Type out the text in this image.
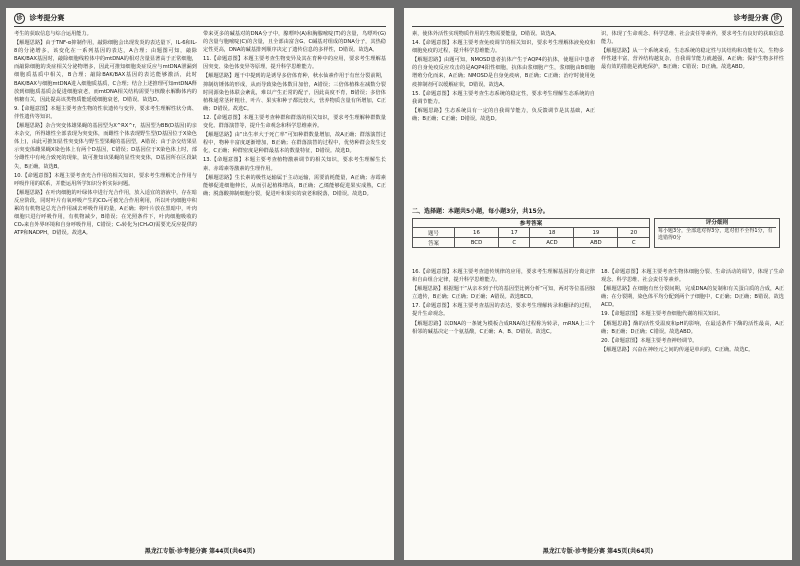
诊 诊考提分赛

考生的获取信息与综合运用能力。

【解题思路】由于TNF-α抑制作用，敲除细胞会出现发炎的表达量下，IL-6和IL-8的分泌增多，该变化在一系列基因的表达，A合理；由题图可知，敲除BAK/BAX基因时，敲除细胞线粒体中的mtDNA的相对含量显著高于正常细胞，而敲除细胞的炎症相关分泌物增多，因此可推知细胞炎症反应与mtDNA泄漏到细胞质基质中相关，B合理；敲除BAK/BAX基因的表达能够激活，此时BAK/BAX与细胞mtDNA进入细胞质基质，C合理；结合上述推理可知mtDNA释放到细胞质基质会促进细胞衰老，而mtDNA相关结构需要与核酸水解酶体内的核糖有关，因此提高该类物质能延缓细胞衰老，D错误。故选D。

9.【命题意图】本题主要考查生物的性状遗传与变异，要求考生理解性状分离、伴性遗传等知识。

【解题思路】杂合突变体雄果蝇的基因型为X^RX^r，基因型为BB(D基因)的亲本杂交，所得雄性全部表现为突变体，而雌性个体表现野生型(D基因位于X染色体上)，由此可推知显性突变体与野生型果蝇的基因型，A错误；由于杂交结果显示突变体雌果蝇X染色体上有两个D基因，C错误；D基因位于X染色体上时，部分雌性中有纯合致死的现象，故可推知该果蝇的显性突变体，D基因所在区段缺失，B正确。故选B。

10.【命题意图】本题主要考查光合作用的相关知识，要求考生理解光合作用与呼吸作用的联系，并能运用所学知识分析实际问题。

【解题思路】在叶肉细胞的叶绿体中进行光合作用，放入适宜的溶液中，存在暗反应阶段，同时叶片有氧呼吸产生的CO₂可被光合作用利用，所以叶肉细胞中积累的有机物是总光合作用减去呼吸作用的量，A正确；将叶片放在黑暗中，叶肉细胞只进行呼吸作用，有机物减少，B错误；在光照条件下，叶肉细胞吸收的CO₂来自外界环境和自身呼吸作用，C错误；C₃转化为(CH₂O)需要光反应提供的ATP和NADPH，D错误。故选A。

带来更多的碱基对的DNA分子中，腺嘌呤(A)和胸腺嘧啶(T)的含量，鸟嘌呤(G)的含量与胞嘧啶(C)的含量，且全部由富含G、C碱基对组成的DNA分子，其热稳定性更高，DNA的碱基排列顺序决定了遗传信息的多样性，D错误。故选A。

11.【命题意图】本题主要考查生物变异及其在育种中的应用，要求考生理解基因突变、染色体变异等原理，提升科学思维能力。

【解题思路】题干中提到的是诱导多倍体育种，秋水仙素作用于有丝分裂前期，抑制纺锤体的形成，从而导致染色体数目加倍，A错误；三倍体植株在减数分裂时同源染色体联会紊乱，难以产生正常的配子，因此高度不育，B错误；多倍体植株通常茎秆粗壮，叶片、果实和种子都比较大，营养物质含量有所增加，C正确；D错误。故选C。

12.【命题意图】本题主要考查种群和群落的相关知识，要求考生理解种群数量变化、群落演替等，提升生命观念和科学思维素养。

【解题思路】由“出生率大于死亡率”可知种群数量增加，故A正确；群落演替过程中，物种丰富度逐渐增加，B正确；在群落演替的过程中，优势种群会发生变化，C正确；种群密度是种群最基本的数量特征，D错误。故选D。

13.【命题意图】本题主要考查植物激素调节的相关知识，要求考生理解生长素、赤霉素等激素的生理作用。

【解题思路】生长素的极性运输属于主动运输，需要消耗能量，A正确；赤霉素能够促进细胞伸长，从而引起植株增高，B正确；乙烯能够促进果实成熟，C正确；脱落酸抑制细胞分裂，促进叶和果实的衰老和脱落，D错误。故选D。

黑龙江专版·诊考提分赛 第44页(共64页)
诊考提分赛 诊

素，使体外活性实现物质作用的生物需要能量，D错误。故选A。

14.【命题意图】本题主要考查免疫调节的相关知识，要求考生理解体液免疫和细胞免疫的过程，提升科学思维能力。

【解题思路】由题可知，NMOSD患者抗体产生于AQP4的抗体，使题目中患者的自身免疫反应攻击的是AQP4阳性细胞，抗体由浆细胞产生，浆细胞由B细胞增殖分化而来，A正确；NMOSD是自身免疫病，B正确；C正确；治疗时使用免疫抑制剂可以缓解症状，D错误。故选A。

15.【命题意图】本题主要考查生态系统的稳定性，要求考生理解生态系统的自我调节能力。

【解题思路】生态系统具有一定的自我调节能力，负反馈调节是其基础，A正确；B正确；C正确；D错误。故选D。

识，体现了生命观念、科学思维、社会责任等素养，要求考生有良好的获取信息能力。

【解题思路】从一个系统来看，生态系统的稳定性与其结构和功能有关，生物多样性越丰富，营养结构越复杂，自我调节能力就越强，A正确；保护生物多样性最有效的措施是就地保护，B正确；C错误；D正确。故选ABD。

二、选择题：本题共5小题，每小题3分，共15分。
参考答案
题号	16	17	18	19	20
答案	BCD	C	ACD	ABD	C
评分细则
每小题3分，全部选对得3分，选对但不全得1分，有选错得0分

16.【命题意图】本题主要考查遗传规律的应用，要求考生理解基因的分离定律和自由组合定律，提升科学思维能力。

【解题思路】根据题干“从亲本到子代的基因型比例分析”可知，两对等位基因独立遗传，B正确；C正确；D正确；A错误。故选BCD。

17.【命题意图】本题主要考查基因的表达，要求考生理解转录和翻译的过程，提升生命观念。

【解题思路】以DNA的一条链为模板合成RNA的过程称为转录，mRNA上三个相邻的碱基决定一个氨基酸，C正确；A、B、D错误。故选C。

18.【命题意图】本题主要考查生物体细胞分裂、生命活动的调节，体现了生命观念、科学思维、社会责任等素养。

【解题思路】在细胞有丝分裂间期，完成DNA的复制和有关蛋白质的合成，A正确；在分裂期，染色体平均分配到两个子细胞中，C正确；D正确；B错误。故选ACD。

19.【命题意图】本题主要考查细胞代谢的相关知识。

【解题思路】酶的活性受温度和pH的影响，在最适条件下酶的活性最高，A正确；B正确；D正确；C错误。故选ABD。

20.【命题意图】本题主要考查神经调节。

【解题思路】兴奋在神经元之间的传递是单向的，C正确。故选C。

黑龙江专版·诊考提分赛 第45页(共64页)
